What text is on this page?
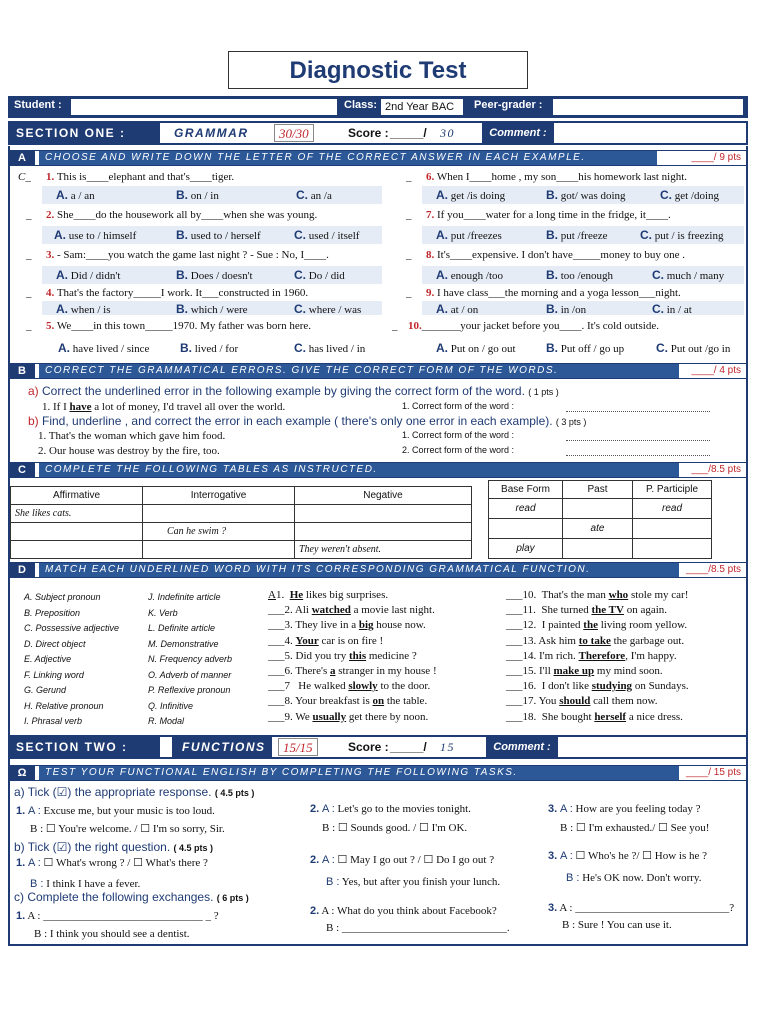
Diagnostic Test
Student :	Class: 2nd Year BAC	Peer-grader :
SECTION ONE :	GRAMMAR	30/30	Score : _____/ 30	Comment :
A	CHOOSE AND WRITE DOWN THE LETTER OF THE CORRECT ANSWER IN EACH EXAMPLE.	____/ 9 pts
C_ 1. This is____elephant and that's____tiger.
A. a / an	B. on / in	C. an /a
_ 2. She____do the housework all by____when she was young.
A. use to / himself	B. used to / herself	C. used / itself
_ 3. - Sam:____you watch the game last night ? - Sue : No, I____.
A. Did / didn't	B. Does / doesn't	C. Do / did
_ 4. That's the factory_____I work. It___constructed in 1960.
A. when / is	B. which / were	C. where / was
_ 5. We____in this town_____1970. My father was born here.
A. have lived / since	B. lived / for	C. has lived / in
_ 6. When I____home , my son____his homework last night.
A. get /is doing	B. got/ was doing	C. get /doing
_ 7. If you____water for a long time in the fridge, it____.
A. put /freezes	B. put /freeze	C. put / is freezing
_ 8. It's____expensive. I don't have_____money to buy one .
A. enough /too	B. too /enough	C. much / many
_ 9. I have class___the morning and a yoga lesson___night.
A. at / on	B. in /on	C. in / at
_ 10._______your jacket before you____. It's cold outside.
A. Put on / go out	B. Put off / go up	C. Put out /go in
B	CORRECT THE GRAMMATICAL ERRORS. GIVE THE CORRECT FORM OF THE WORDS.	____/ 4 pts
a) Correct the underlined error in the following example by giving the correct form of the word. ( 1 pts )
1. If I have a lot of money, I'd travel all over the world.	1. Correct form of the word :
b) Find, underline , and correct the error in each example ( there's only one error in each example). ( 3 pts )
1. That's the woman which gave him food.	1. Correct form of the word :
2. Our house was destroy by the fire, too.	2. Correct form of the word :
C	COMPLETE THE FOLLOWING TABLES AS INSTRUCTED.	___/8.5 pts
Affirmative	Interrogative	Negative
She likes cats.		
	Can he swim ?	
		They weren't absent.
Base Form	Past	P. Participle
read		read
	ate	
play		
D	MATCH EACH UNDERLINED WORD WITH ITS CORRESPONDING GRAMMATICAL FUNCTION.	____/8.5 pts
A. Subject pronoun
B. Preposition
C. Possessive adjective
D. Direct object
E. Adjective
F. Linking word
G. Gerund
H. Relative pronoun
I. Phrasal verb
J. Indefinite article
K. Verb
L. Definite article
M. Demonstrative
N. Frequency adverb
O. Adverb of manner
P. Reflexive pronoun
Q. Infinitive
R. Modal
A1. He likes big surprises.
___2. Ali watched a movie last night.
___3. They live in a big house now.
___4. Your car is on fire !
___5. Did you try this medicine ?
___6. There's a stranger in my house !
___7 He walked slowly to the door.
___8. Your breakfast is on the table.
___9. We usually get there by noon.
___10. That's the man who stole my car!
___11. She turned the TV on again.
___12. I painted the living room yellow.
___13. Ask him to take the garbage out.
___14. I'm rich. Therefore, I'm happy.
___15. I'll make up my mind soon.
___16. I don't like studying on Sundays.
___17. You should call them now.
___18. She bought herself a nice dress.
SECTION TWO :	FUNCTIONS	15/15	Score : _____/ 15	Comment :
Ω	TEST YOUR FUNCTIONAL ENGLISH BY COMPLETING THE FOLLOWING TASKS.	____/ 15 pts
a) Tick (☑) the appropriate response. ( 4.5 pts )
1. A : Excuse me, but your music is too loud.
B : ☐ You're welcome. / ☐ I'm so sorry, Sir.
2. A : Let's go to the movies tonight.
B : ☐ Sounds good. / ☐ I'm OK.
3. A : How are you feeling today ?
B : ☐ I'm exhausted./ ☐ See you!
b) Tick (☑) the right question. ( 4.5 pts )
1. A : ☐ What's wrong ? / ☐ What's there ?
B : I think I have a fever.
2. A : ☐ May I go out ? / ☐ Do I go out ?
B : Yes, but after you finish your lunch.
3. A : ☐ Who's he ?/ ☐ How is he ?
B : He's OK now. Don't worry.
c) Complete the following exchanges. ( 6 pts )
1. A : _____________________________ _ ?
B : I think you should see a dentist.
2. A : What do you think about Facebook?
B : ______________________________.
3. A : ____________________________?
B : Sure ! You can use it.
